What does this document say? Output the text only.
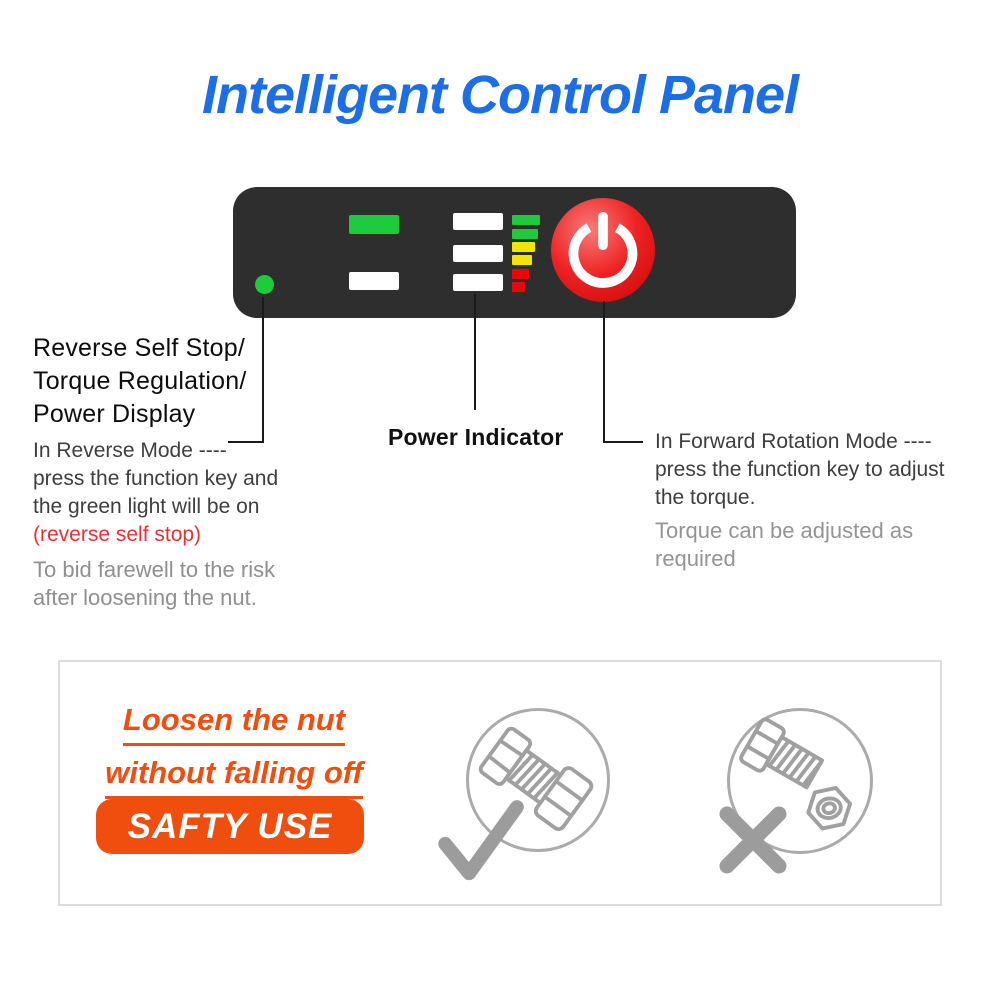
Intelligent Control Panel
Reverse Self Stop/
Torque Regulation/
Power Display
In Reverse Mode ----
press the function key and
the green light will be on
(reverse self stop)
To bid farewell to the risk
after loosening the nut.
Power Indicator	In Forward Rotation Mode ----
press the function key to adjust
the torque.
Torque can be adjusted as
required
Loosen the nut
without falling off
SAFTY USE
